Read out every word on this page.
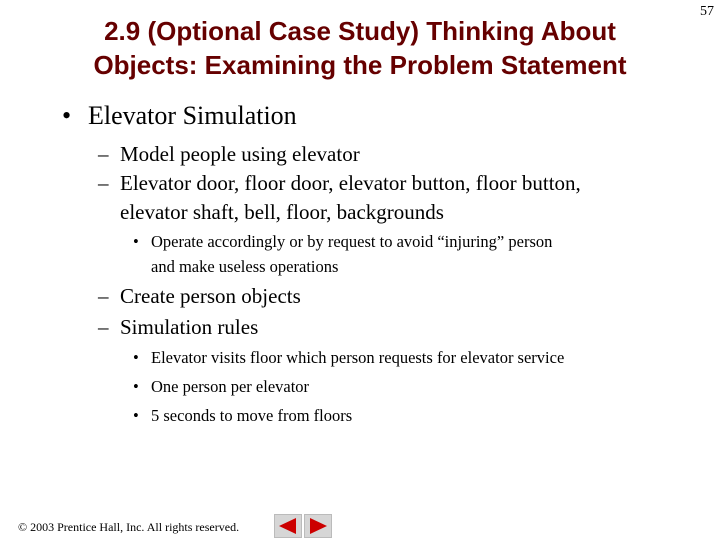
57
2.9 (Optional Case Study) Thinking About
Objects: Examining the Problem Statement
• Elevator Simulation
– Model people using elevator
– Elevator door, floor door, elevator button, floor button,
elevator shaft, bell, floor, backgrounds
• Operate accordingly or by request to avoid “injuring” person
and make useless operations
– Create person objects
– Simulation rules
• Elevator visits floor which person requests for elevator service
• One person per elevator
• 5 seconds to move from floors
© 2003 Prentice Hall, Inc. All rights reserved.
